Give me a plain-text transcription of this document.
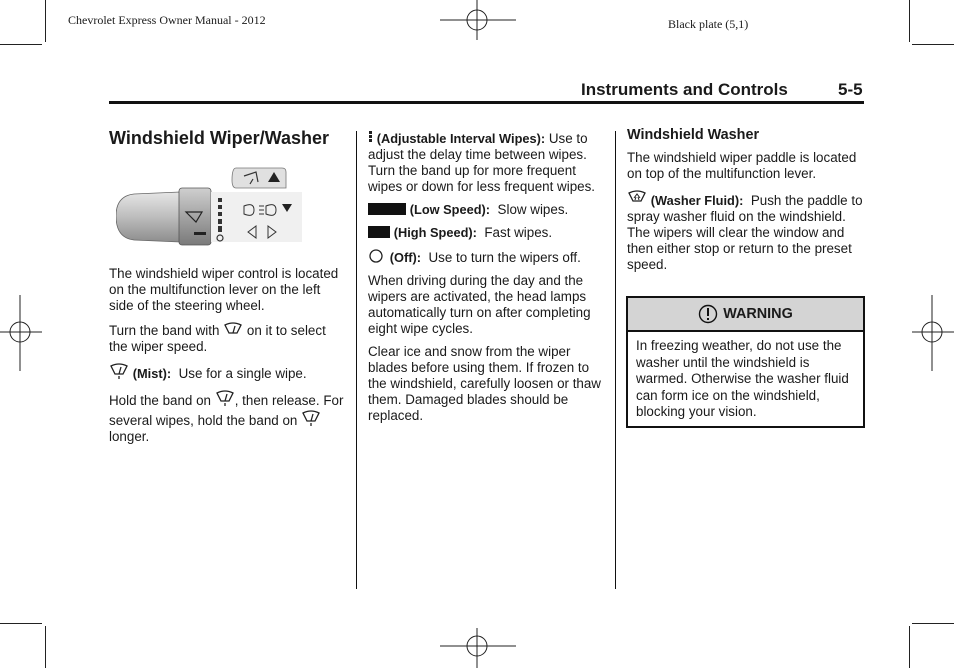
Chevrolet Express Owner Manual - 2012	Black plate (5,1)
Instruments and Controls	5-5
Windshield Wiper/Washer

The windshield wiper control is located on the multifunction lever on the left side of the steering wheel.

Turn the band with on it to select the wiper speed.

(Mist): Use for a single wipe.

Hold the band on , then release. For several wipes, hold the band on  longer.

(Adjustable Interval Wipes): Use to adjust the delay time between wipes. Turn the band up for more frequent wipes or down for less frequent wipes.

(Low Speed): Slow wipes.

(High Speed): Fast wipes.

(Off): Use to turn the wipers off.

When driving during the day and the wipers are activated, the head lamps automatically turn on after completing eight wipe cycles.

Clear ice and snow from the wiper blades before using them. If frozen to the windshield, carefully loosen or thaw them. Damaged blades should be replaced.

Windshield Washer

The windshield wiper paddle is located on top of the multifunction lever.

(Washer Fluid): Push the paddle to spray washer fluid on the windshield. The wipers will clear the window and then either stop or return to the preset speed.

WARNING
In freezing weather, do not use the washer until the windshield is warmed. Otherwise the washer fluid can form ice on the windshield, blocking your vision.
